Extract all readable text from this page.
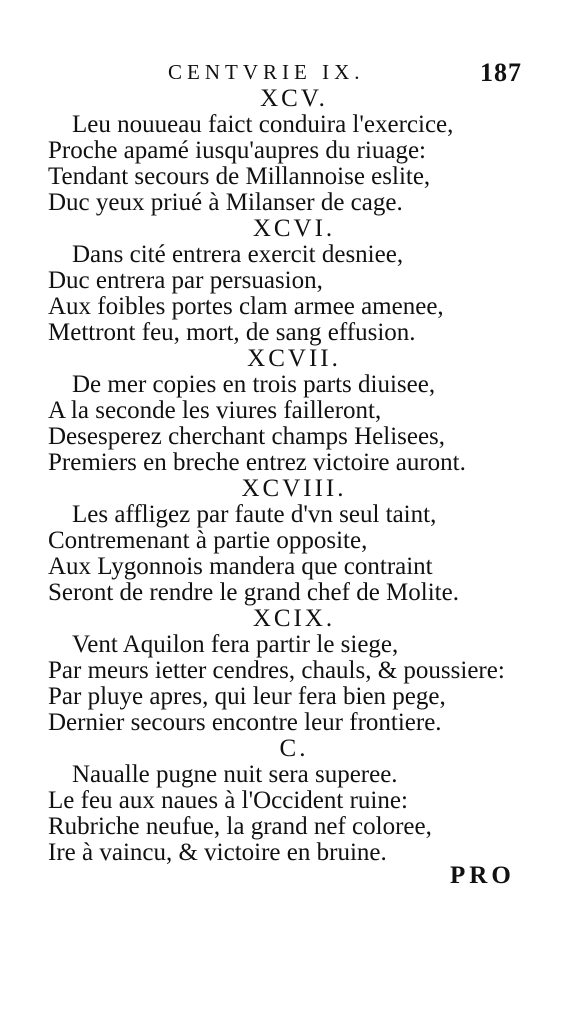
CENTVRIE IX.	187
XCV.
Leu nouueau faict conduira l'exercice,
Proche apamé iusqu'aupres du riuage:
Tendant secours de Millannoise eslite,
Duc yeux priué à Milanser de cage.
XCVI.
Dans cité entrera exercit desniee,
Duc entrera par persuasion,
Aux foibles portes clam armee amenee,
Mettront feu, mort, de sang effusion.
XCVII.
De mer copies en trois parts diuisee,
A la seconde les viures failleront,
Desesperez cherchant champs Helisees,
Premiers en breche entrez victoire auront.
XCVIII.
Les affligez par faute d'vn seul taint,
Contremenant à partie opposite,
Aux Lygonnois mandera que contraint
Seront de rendre le grand chef de Molite.
XCIX.
Vent Aquilon fera partir le siege,
Par meurs ietter cendres, chauls, & poussiere:
Par pluye apres, qui leur fera bien pege,
Dernier secours encontre leur frontiere.
C.
Naualle pugne nuit sera superee.
Le feu aux naues à l'Occident ruine:
Rubriche neufue, la grand nef coloree,
Ire à vaincu, & victoire en bruine.
PRO
